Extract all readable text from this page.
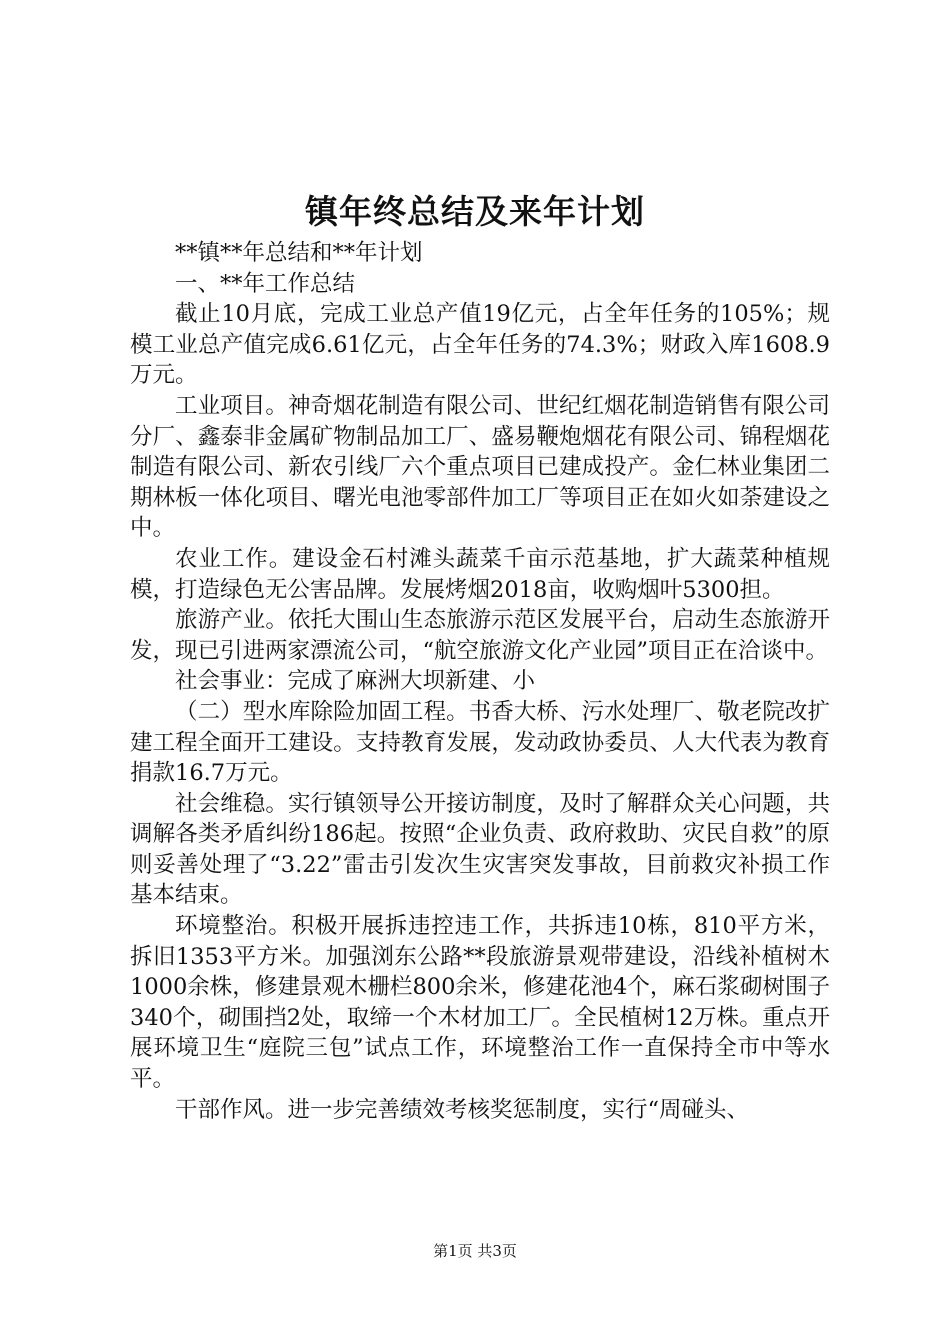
镇年终总结及来年计划

**镇**年总结和**年计划

一、**年工作总结

截止10月底，完成工业总产值19亿元，占全年任务的105%；规模工业总产值完成6.61亿元，占全年任务的74.3%；财政入库1608.9万元。

工业项目。神奇烟花制造有限公司、世纪红烟花制造销售有限公司分厂、鑫泰非金属矿物制品加工厂、盛易鞭炮烟花有限公司、锦程烟花制造有限公司、新农引线厂六个重点项目已建成投产。金仁林业集团二期林板一体化项目、曙光电池零部件加工厂等项目正在如火如荼建设之中。

农业工作。建设金石村滩头蔬菜千亩示范基地，扩大蔬菜种植规模，打造绿色无公害品牌。发展烤烟2018亩，收购烟叶5300担。

旅游产业。依托大围山生态旅游示范区发展平台，启动生态旅游开发，现已引进两家漂流公司，“航空旅游文化产业园”项目正在洽谈中。

社会事业：完成了麻洲大坝新建、小

（二）型水库除险加固工程。书香大桥、污水处理厂、敬老院改扩建工程全面开工建设。支持教育发展，发动政协委员、人大代表为教育捐款16.7万元。

社会维稳。实行镇领导公开接访制度，及时了解群众关心问题，共调解各类矛盾纠纷186起。按照“企业负责、政府救助、灾民自救”的原则妥善处理了“3.22”雷击引发次生灾害突发事故，目前救灾补损工作基本结束。

环境整治。积极开展拆违控违工作，共拆违10栋，810平方米，拆旧1353平方米。加强浏东公路**段旅游景观带建设，沿线补植树木1000余株，修建景观木栅栏800余米，修建花池4个，麻石浆砌树围子340个，砌围挡2处，取缔一个木材加工厂。全民植树12万株。重点开展环境卫生“庭院三包”试点工作，环境整治工作一直保持全市中等水平。

干部作风。进一步完善绩效考核奖惩制度，实行“周碰头、

第1页 共3页
